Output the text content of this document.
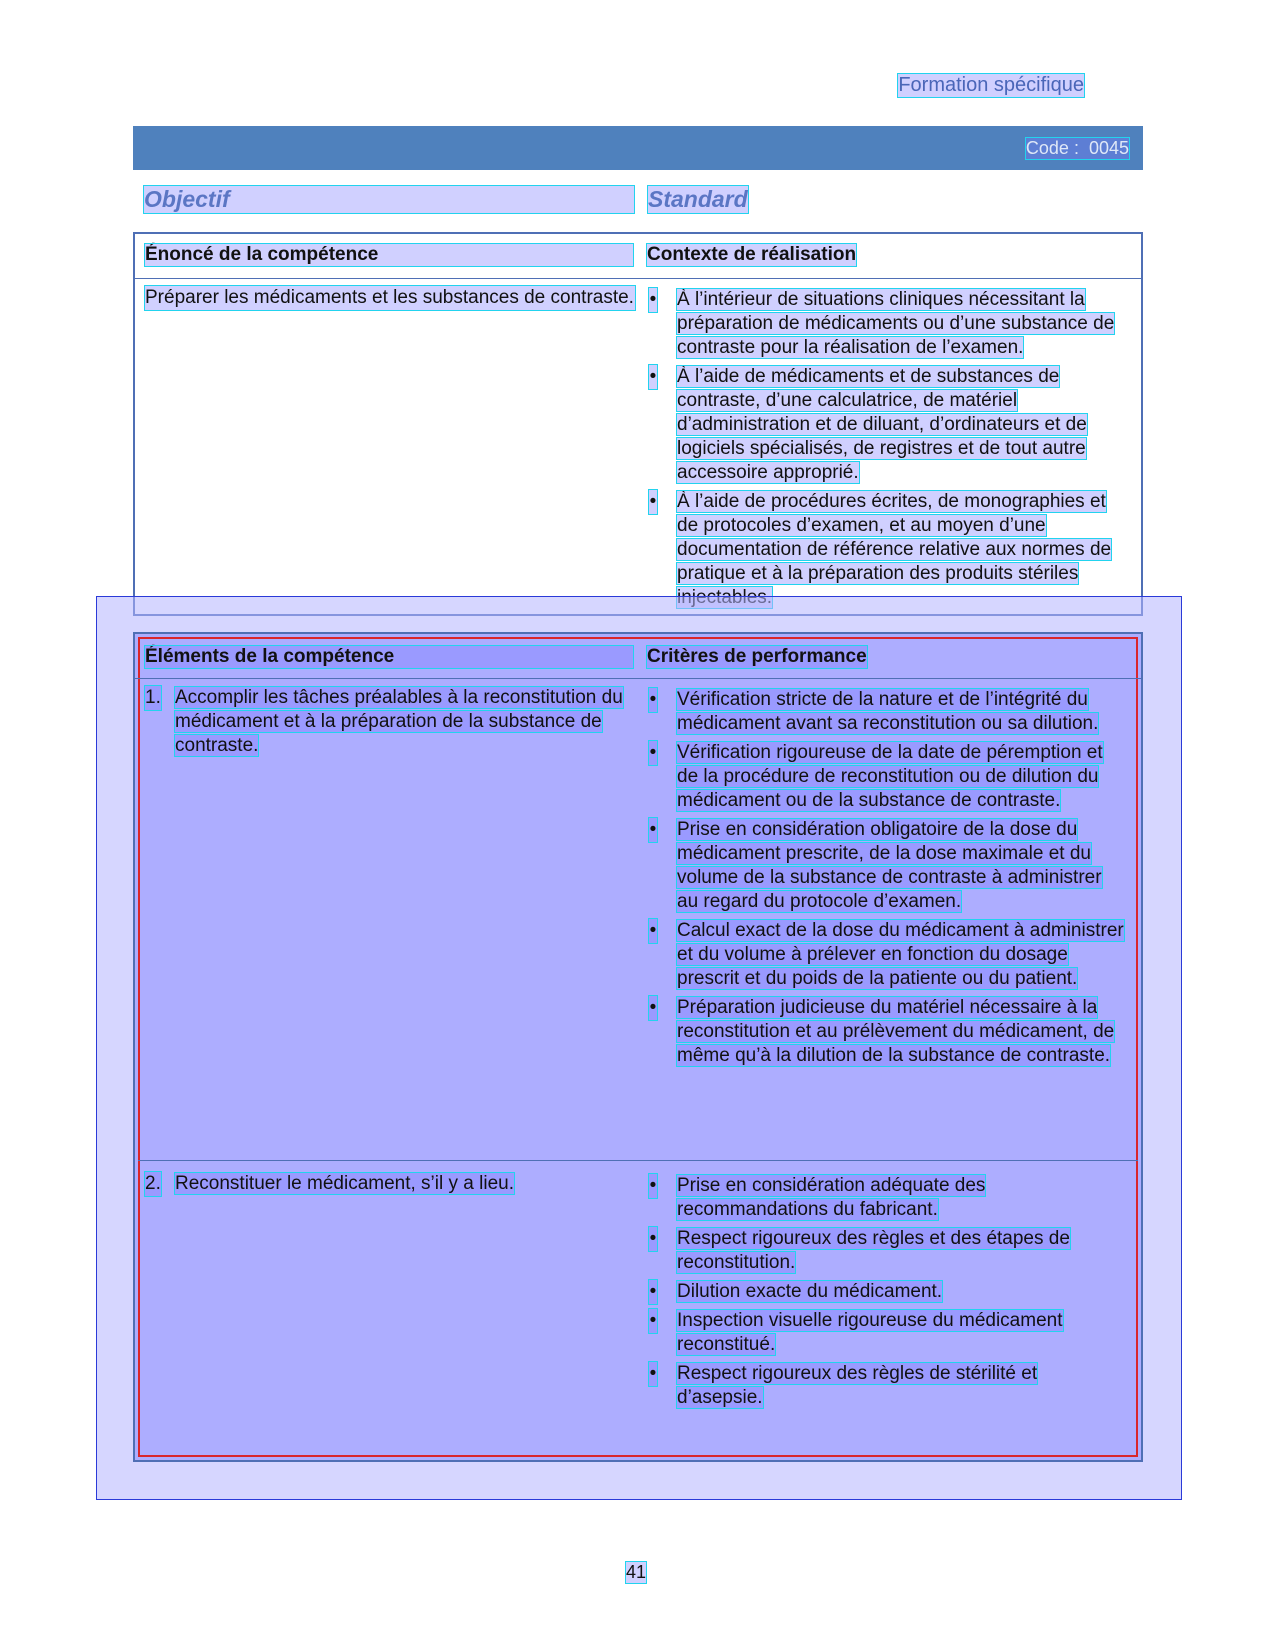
Formation spécifique
Code : 0045
Objectif	Standard
Énoncé de la compétence	Contexte de réalisation
Préparer les médicaments et les substances de contraste. • À l’intérieur de situations cliniques nécessitant la préparation de médicaments ou d’une substance de contraste pour la réalisation de l’examen.
• À l’aide de médicaments et de substances de contraste, d’une calculatrice, de matériel d’administration et de diluant, d’ordinateurs et de logiciels spécialisés, de registres et de tout autre accessoire approprié.
• À l’aide de procédures écrites, de monographies et de protocoles d’examen, et au moyen d’une documentation de référence relative aux normes de pratique et à la préparation des produits stériles
Éléments de la compétence	Critères de performance
1. Accomplir les tâches préalables à la reconstitution du médicament et à la préparation de la substance de contraste.
• Vérification stricte de la nature et de l’intégrité du médicament avant sa reconstitution ou sa dilution.
• Vérification rigoureuse de la date de péremption et de la procédure de reconstitution ou de dilution du médicament ou de la substance de contraste.
• Prise en considération obligatoire de la dose du médicament prescrite, de la dose maximale et du volume de la substance de contraste à administrer au regard du protocole d’examen.
• Calcul exact de la dose du médicament à administrer et du volume à prélever en fonction du dosage prescrit et du poids de la patiente ou du patient.
• Préparation judicieuse du matériel nécessaire à la reconstitution et au prélèvement du médicament, de même qu’à la dilution de la substance de contraste.
2. Reconstituer le médicament, s’il y a lieu.	• Prise en considération adéquate des recommandations du fabricant.
• Respect rigoureux des règles et des étapes de reconstitution.
• Dilution exacte du médicament.
• Inspection visuelle rigoureuse du médicament reconstitué.
• Respect rigoureux des règles de stérilité et d’asepsie.
41
